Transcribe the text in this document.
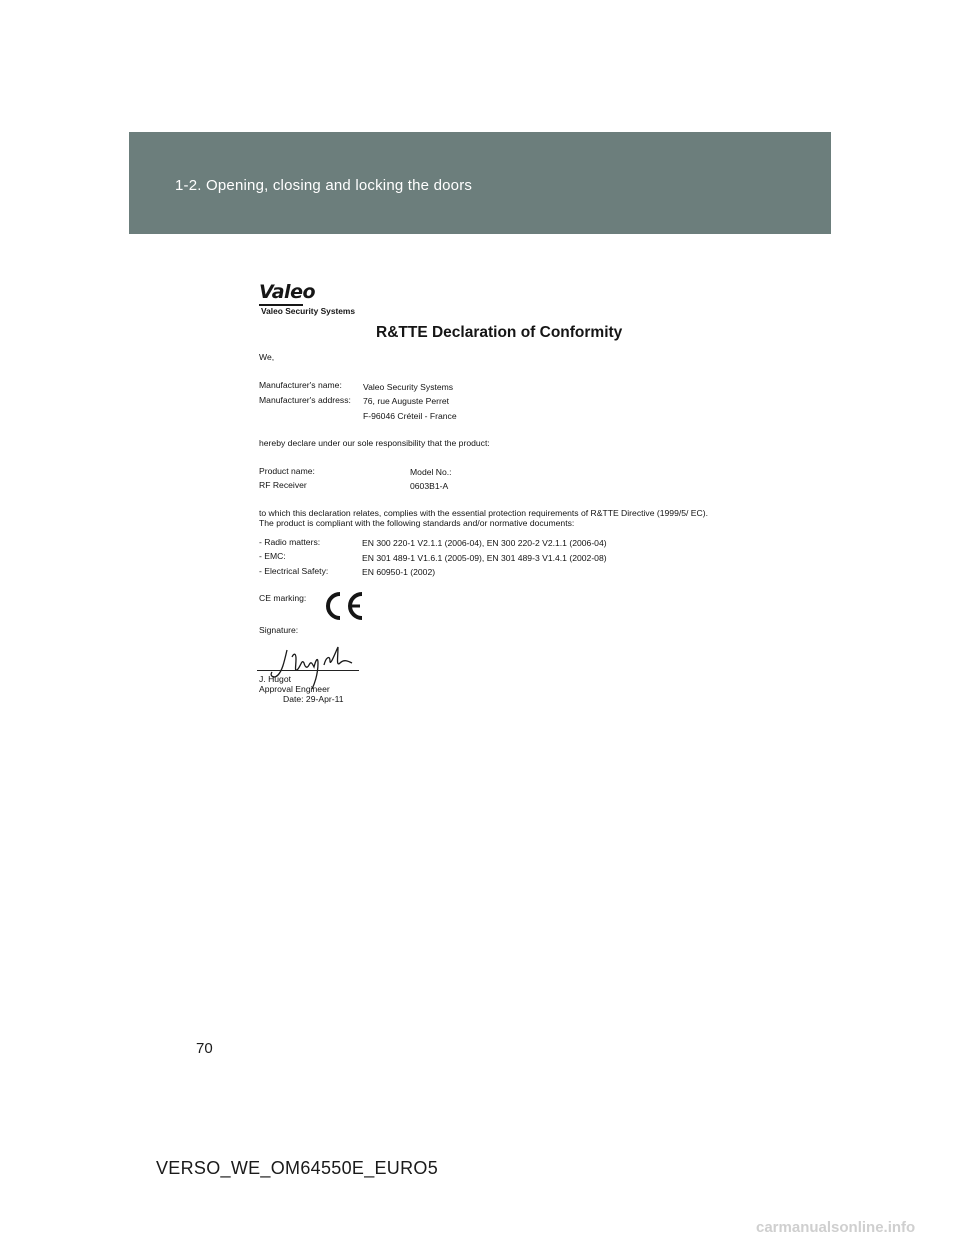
1-2. Opening, closing and locking the doors
Valeo
Valeo Security Systems
R&TTE Declaration of Conformity
We,
Manufacturer's name: Valeo Security Systems
Manufacturer's address: 76, rue Auguste Perret
F-96046 Créteil - France
hereby declare under our sole responsibility that the product:
Product name:	Model No.:
RF Receiver	0603B1-A
to which this declaration relates, complies with the essential protection requirements of R&TTE Directive (1999/5/ EC).
The product is compliant with the following standards and/or normative documents:
- Radio matters:	EN 300 220-1 V2.1.1 (2006-04), EN 300 220-2 V2.1.1 (2006-04)
- EMC:	EN 301 489-1 V1.6.1 (2005-09), EN 301 489-3 V1.4.1 (2002-08)
- Electrical Safety:	EN 60950-1 (2002)
CE marking:
Signature:
J. Hugot
Approval Engineer
Date: 29-Apr-11
70
VERSO_WE_OM64550E_EURO5
carmanualsonline.info
